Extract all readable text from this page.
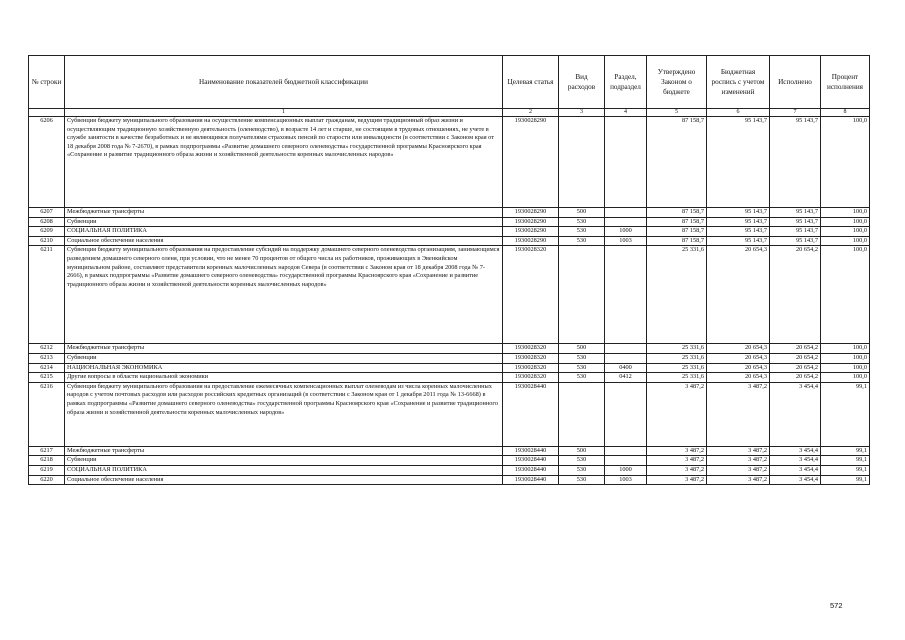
№ строки	Наименование показателей бюджетной классификации	Целевая статья	Вид расходов	Раздел, подраздел	Утверждено Законом о бюджете	Бюджетная роспись с учетом изменений	Исполнено	Процент исполнения
	1	2	3	4	5	6	7	8
6206	Субвенция бюджету муниципального образования на осуществление компенсационных выплат гражданам, ведущим традиционный образ жизни и осуществляющим традиционную хозяйственную деятельность (оленеводство), в возрасте 14 лет и старше, не состоящим в трудовых отношениях, не учете в службе занятости в качестве безработных и не являющимся получателями страховых пенсий по старости или инвалидности (в соответствии с Законом края от 18 декабря 2008 года № 7-2670), в рамках подпрограммы «Развитие домашнего северного оленеводства» государственной программы Красноярского края «Сохранение и развитие традиционного образа жизни и хозяйственной деятельности коренных малочисленных народов»	1930028290			87 158,7	95 143,7	95 143,7	100,0
6207	Межбюджетные трансферты	1930028290	500		87 158,7	95 143,7	95 143,7	100,0
6208	Субвенции	1930028290	530		87 158,7	95 143,7	95 143,7	100,0
6209	СОЦИАЛЬНАЯ ПОЛИТИКА	1930028290	530	1000	87 158,7	95 143,7	95 143,7	100,0
6210	Социальное обеспечение населения	1930028290	530	1003	87 158,7	95 143,7	95 143,7	100,0
6211	Субвенция бюджету муниципального образования на предоставление субсидий на поддержку домашнего северного оленеводства организациям, занимающимся разведением домашнего северного оленя, при условии, что не менее 70 процентов от общего числа их работников, проживающих в Эвенкийском муниципальном районе, составляют представители коренных малочисленных народов Севера (в соответствии с Законом края от 18 декабря 2008 года № 7-2666), в рамках подпрограммы «Развитие домашнего северного оленеводства» государственной программы Красноярского края «Сохранение и развитие традиционного образа жизни и хозяйственной деятельности коренных малочисленных народов»	1930028320			25 331,6	20 654,3	20 654,2	100,0
6212	Межбюджетные трансферты	1930028320	500		25 331,6	20 654,3	20 654,2	100,0
6213	Субвенции	1930028320	530		25 331,6	20 654,3	20 654,2	100,0
6214	НАЦИОНАЛЬНАЯ ЭКОНОМИКА	1930028320	530	0400	25 331,6	20 654,3	20 654,2	100,0
6215	Другие вопросы в области национальной экономики	1930028320	530	0412	25 331,6	20 654,3	20 654,2	100,0
6216	Субвенция бюджету муниципального образования на предоставление ежемесячных компенсационных выплат оленеводам из числа коренных малочисленных народов с учетом почтовых расходов или расходов российских кредитных организаций (в соответствии с Законом края от 1 декабря 2011 года № 13-6668) в рамках подпрограммы «Развитие домашнего северного оленеводства» государственной программы Красноярского края «Сохранение и развитие традиционного образа жизни и хозяйственной деятельности коренных малочисленных народов»	1930028440			3 487,2	3 487,2	3 454,4	99,1
6217	Межбюджетные трансферты	1930028440	500		3 487,2	3 487,2	3 454,4	99,1
6218	Субвенции	1930028440	530		3 487,2	3 487,2	3 454,4	99,1
6219	СОЦИАЛЬНАЯ ПОЛИТИКА	1930028440	530	1000	3 487,2	3 487,2	3 454,4	99,1
6220	Социальное обеспечение населения	1930028440	530	1003	3 487,2	3 487,2	3 454,4	99,1
572
